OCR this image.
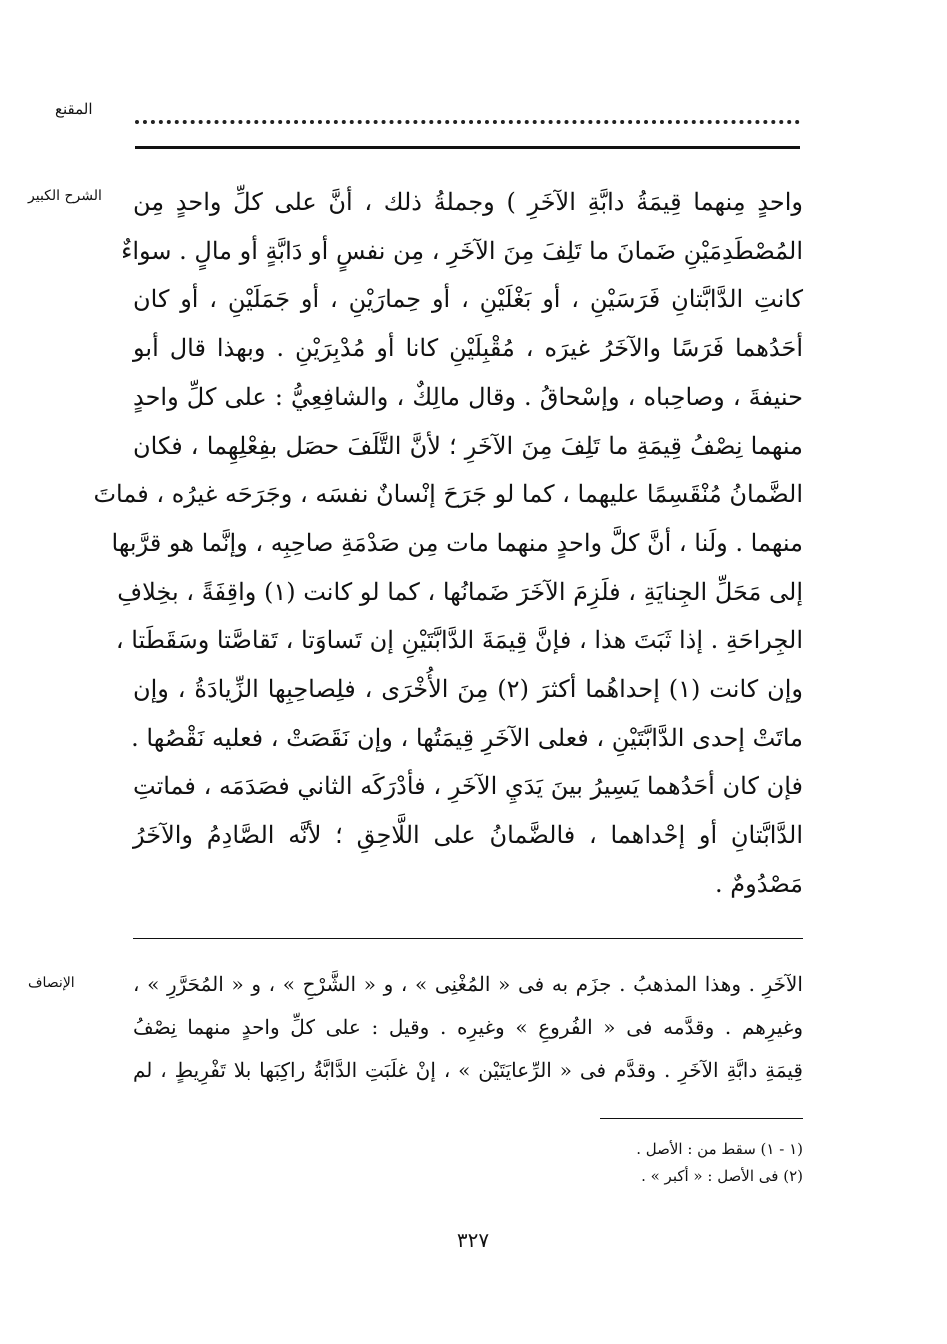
المقنع
الشرح الكبير	واحدٍ مِنهما قِيمَةُ دابَّةِ الآخَرِ ) وجملةُ ذلك ، أنَّ على كلِّ واحدٍ مِن
المُصْطَدِمَيْنِ ضَمانَ ما تَلِفَ مِنَ الآخَرِ ، مِن نفسٍ أو دَابَّةٍ أو مالٍ . سواءٌ
كانتِ الدَّابَّتانِ فَرَسَيْنِ ، أو بَغْلَيْنِ ، أو حِمارَيْنِ ، أو جَمَلَيْنِ ، أو كان
أحَدُهما فَرَسًا والآخَرُ غيرَه ، مُقْبِلَيْنِ كانا أو مُدْبِرَيْنِ . وبهذا قال أبو
حنيفةَ ، وصاحِباه ، وإسْحاقُ . وقال مالِكٌ ، والشافِعِيُّ : على كلِّ واحدٍ
منهما نِصْفُ قِيمَةِ ما تَلِفَ مِنَ الآخَرِ ؛ لأنَّ التَّلَفَ حصَل بفِعْلِهِما ، فكان
الضَّمانُ مُنْقَسِمًا عليهما ، كما لو جَرَحَ إنْسانٌ نفسَه ، وجَرَحَه غيرُه ، فماتَ
منهما . ولَنا ، أنَّ كلَّ واحدٍ منهما مات مِن صَدْمَةِ صاحِبِه ، وإنَّما هو قرَّبها
إلى مَحَلِّ الجِنايَةِ ، فلَزِمَ الآخَرَ ضَمانُها ، كما لو كانت (١) واقِفَةً ، بخِلافِ
الجِراحَةِ . إذا ثَبَتَ هذا ، فإنَّ قِيمَةَ الدَّابَّتَيْنِ إن تَساوَتا ، تَقاصَّتا وسَقَطَتا ،
وإن كانت (١) إحداهُما أكثرَ (٢) مِنَ الأُخْرَى ، فلِصاحِبِها الزِّيادَةُ ، وإن
ماتَتْ إحدى الدَّابَّتَيْنِ ، فعلى الآخَرِ قِيمَتُها ، وإن نَقَصَتْ ، فعليه نَقْصُها .
فإن كان أحَدُهما يَسِيرُ بينَ يَدَيِ الآخَرِ ، فأدْرَكَه الثاني فصَدَمَه ، فماتتِ
الدَّابَّتانِ أو إحْداهما ، فالضَّمانُ على اللَّاحِقِ ؛ لأنَّه الصَّادِمُ والآخَرُ
مَصْدُومٌ .
الإنصاف	الآخَرِ . وهذا المذهبُ . جزَم به فى « المُغْنِى » ، و « الشَّرْحِ » ، و « المُحَرَّرِ » ،
وغيرِهم . وقدَّمه فى « الفُروعِ » وغيرِه . وقيل : على كلِّ واحدٍ منهما نِصْفُ
قِيمَةِ دابَّةِ الآخَرِ . وقدَّم فى « الرِّعايَتَيْن » ، إنْ غلَبَتِ الدَّابَّةُ راكِبَها بلا تَفْرِيطٍ ، لم
(١ - ١) سقط من : الأصل .
(٢) فى الأصل : « أكبر » .
٣٢٧
